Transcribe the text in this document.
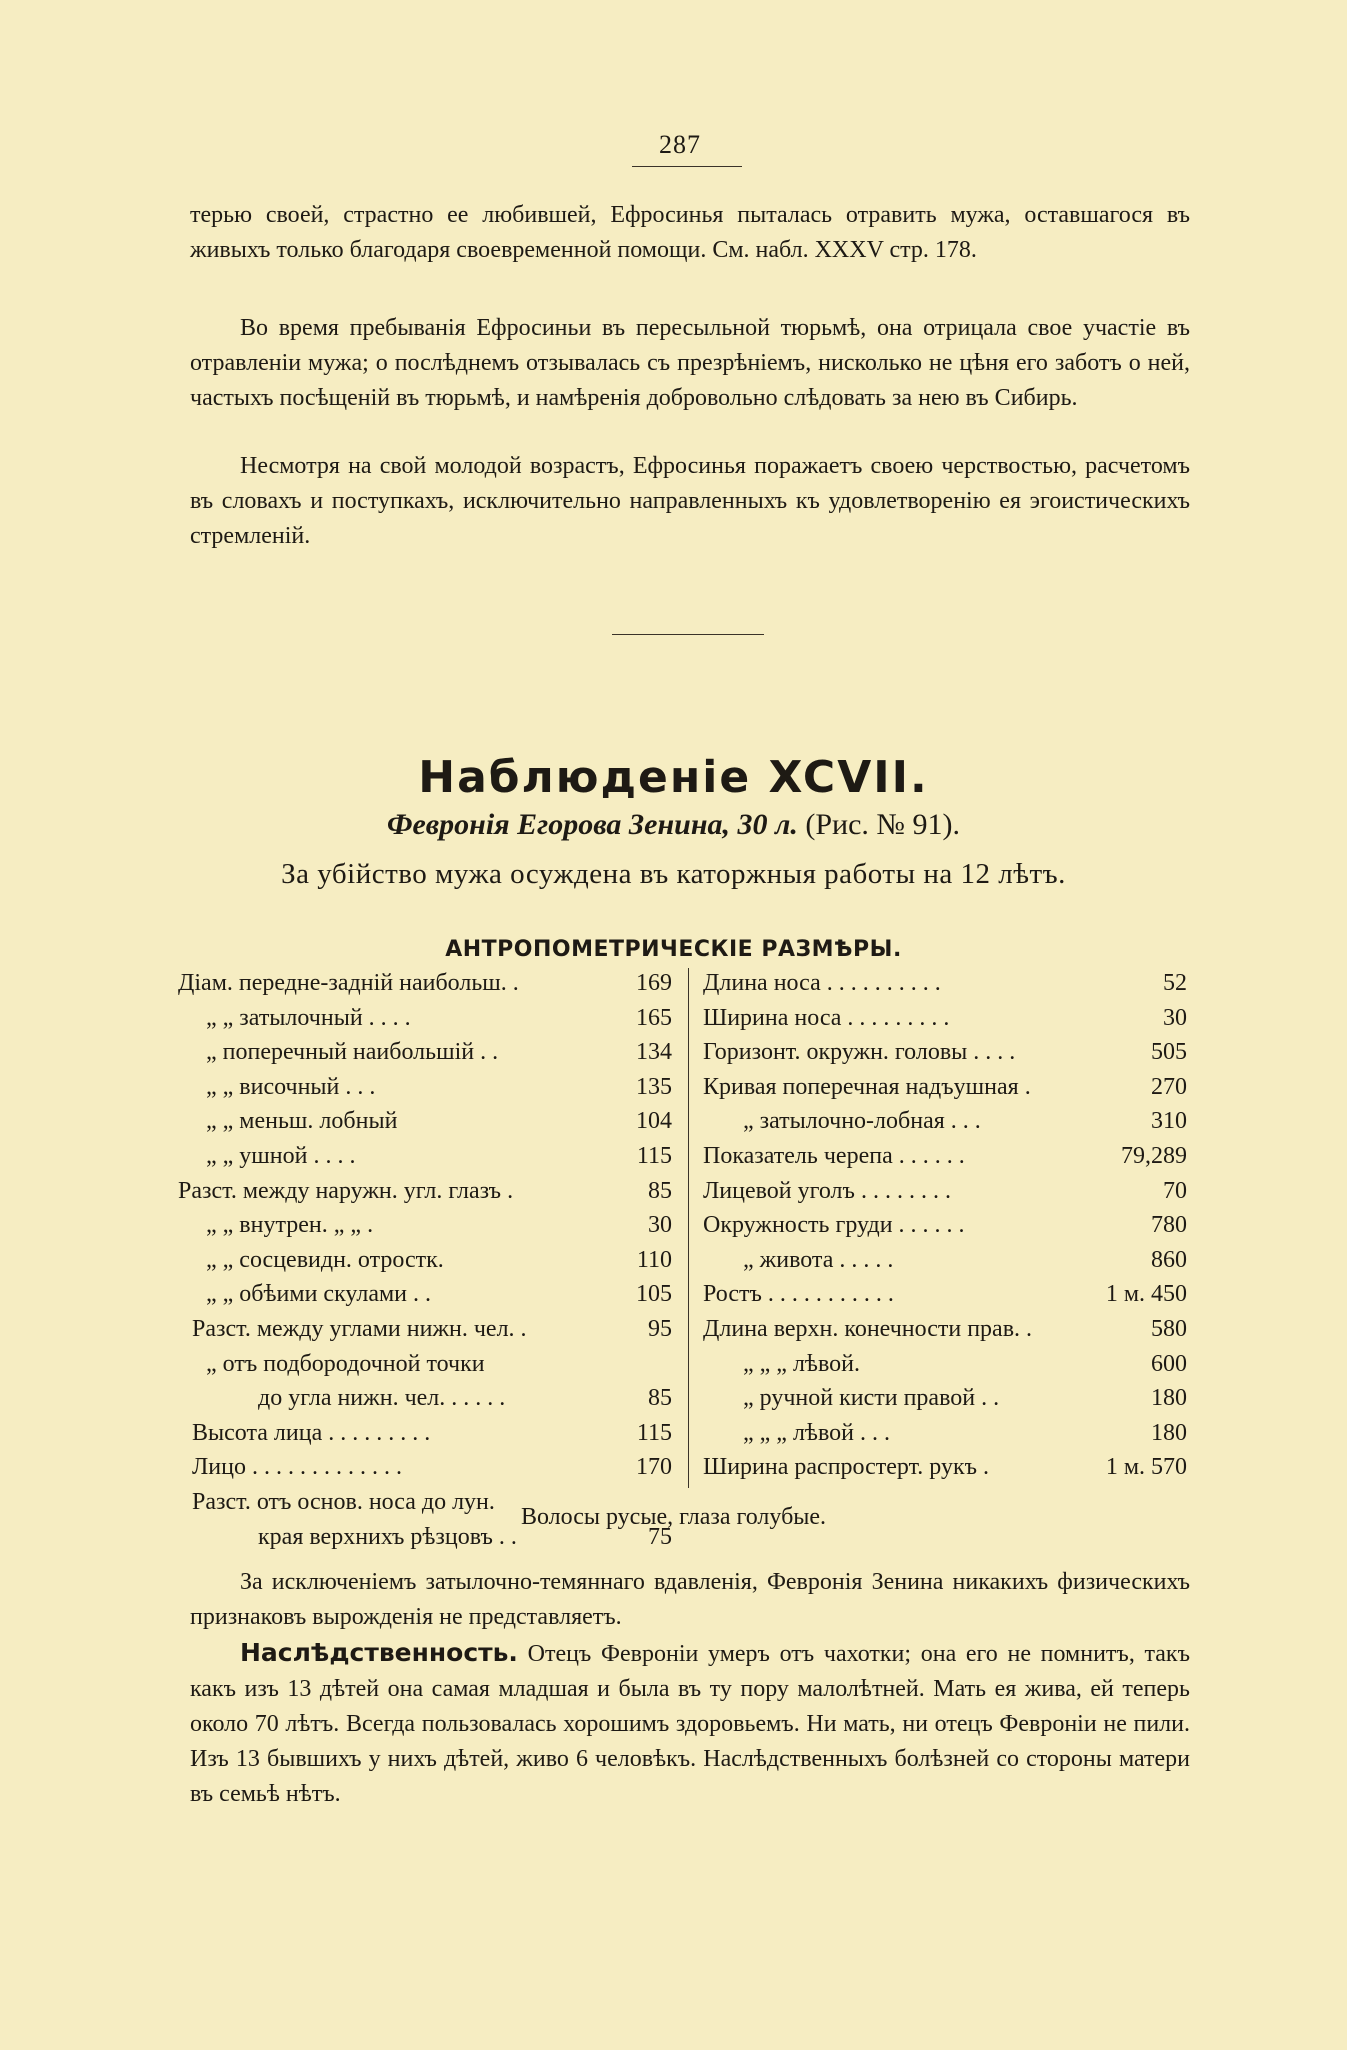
287

терью своей, страстно ее любившей, Ефросинья пыталась отравить мужа, оставшагося въ живыхъ только благодаря своевременной помощи. См. набл. XXXV стр. 178.

Во время пребыванія Ефросиньи въ пересыльной тюрьмѣ, она отрицала свое участіе въ отравленіи мужа; о послѣднемъ отзывалась съ презрѣніемъ, нисколько не цѣня его заботъ о ней, частыхъ посѣщеній въ тюрьмѣ, и намѣренія добровольно слѣдовать за нею въ Сибирь.

Несмотря на свой молодой возрастъ, Ефросинья поражаетъ своею черствостью, расчетомъ въ словахъ и поступкахъ, исключительно направленныхъ къ удовлетворенію ея эгоистическихъ стремленій.

Наблюденіе XCVII.
Февронія Егорова Зенина, 30 л. (Рис. № 91).
За убійство мужа осуждена въ каторжныя работы на 12 лѣтъ.
АНТРОПОМЕТРИЧЕСКІЕ РАЗМѢРЫ.
Діам. передне-задній наибольш. .	169
„ „ затылочный . . . .	165
„ поперечный наибольшій . .	134
„ „ височный . . .	135
„ „ меньш. лобный	104
„ „ ушной . . . .	115
Разст. между наружн. угл. глазъ .	85
„ „ внутрен. „ „ .	30
„ „ сосцевидн. отростк.	110
„ „ обѣими скулами . .	105
Разст. между углами нижн. чел. .	95
„ отъ подбородочной точки
до угла нижн. чел. . . . . .	85
Высота лица . . . . . . . . .	115
Лицо . . . . . . . . . . . . .	170
Разст. отъ основ. носа до лун.
края верхнихъ рѣзцовъ . .	75
Длина носа . . . . . . . . . .	52
Ширина носа . . . . . . . . .	30
Горизонт. окружн. головы . . . .	505
Кривая поперечная надъушная .	270
„ затылочно-лобная . . .	310
Показатель черепа . . . . . .	79,289
Лицевой уголъ . . . . . . . .	70
Окружность груди . . . . . .	780
„ живота . . . . .	860
Ростъ . . . . . . . . . . .	1 м. 450
Длина верхн. конечности прав. .	580
„ „ „ лѣвой.	600
„ ручной кисти правой . .	180
„ „ „ лѣвой . . .	180
Ширина распростерт. рукъ .	1 м. 570
Волосы русые, глаза голубые.

За исключеніемъ затылочно-темяннаго вдавленія, Февронія Зенина никакихъ физическихъ признаковъ вырожденія не представляетъ.

Наслѣдственность. Отецъ Февроніи умеръ отъ чахотки; она его не помнитъ, такъ какъ изъ 13 дѣтей она самая младшая и была въ ту пору малолѣтней. Мать ея жива, ей теперь около 70 лѣтъ. Всегда пользовалась хорошимъ здоровьемъ. Ни мать, ни отецъ Февроніи не пили. Изъ 13 бывшихъ у нихъ дѣтей, живо 6 человѣкъ. Наслѣдственныхъ болѣзней со стороны матери въ семьѣ нѣтъ.
